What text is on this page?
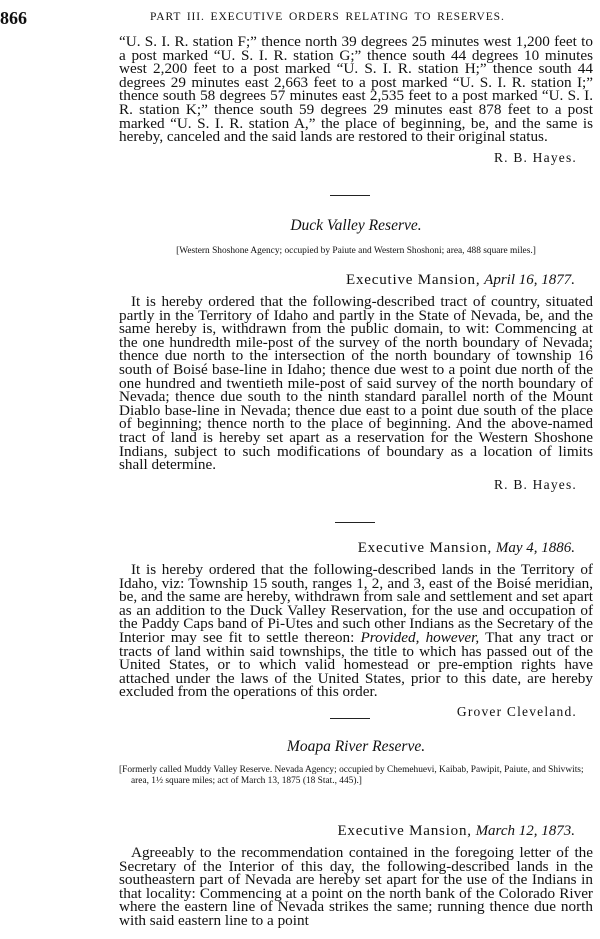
866	PART III. EXECUTIVE ORDERS RELATING TO RESERVES.

“U. S. I. R. station F;” thence north 39 degrees 25 minutes west 1,200 feet to a post marked “U. S. I. R. station G;” thence south 44 degrees 10 minutes west 2,200 feet to a post marked “U. S. I. R. station H;” thence south 44 degrees 29 minutes east 2,663 feet to a post marked “U. S. I. R. station I;” thence south 58 degrees 57 minutes east 2,535 feet to a post marked “U. S. I. R. station K;” thence south 59 degrees 29 minutes east 878 feet to a post marked “U. S. I. R. station A,” the place of beginning, be, and the same is hereby, canceled and the said lands are restored to their original status.

R. B. Hayes.

Duck Valley Reserve.

[Western Shoshone Agency; occupied by Paiute and Western Shoshoni; area, 488 square miles.]

Executive Mansion, April 16, 1877.

It is hereby ordered that the following-described tract of country, situated partly in the Territory of Idaho and partly in the State of Nevada, be, and the same hereby is, withdrawn from the public domain, to wit: Commencing at the one hundredth mile-post of the survey of the north boundary of Nevada; thence due north to the intersection of the north boundary of township 16 south of Boisé base-line in Idaho; thence due west to a point due north of the one hundred and twentieth mile-post of said survey of the north boundary of Nevada; thence due south to the ninth standard parallel north of the Mount Diablo base-line in Nevada; thence due east to a point due south of the place of beginning; thence north to the place of beginning. And the above-named tract of land is hereby set apart as a reservation for the Western Shoshone Indians, subject to such modifications of boundary as a location of limits shall determine.

R. B. Hayes.

Executive Mansion, May 4, 1886.

It is hereby ordered that the following-described lands in the Territory of Idaho, viz: Township 15 south, ranges 1, 2, and 3, east of the Boisé meridian, be, and the same are hereby, withdrawn from sale and settlement and set apart as an addition to the Duck Valley Reservation, for the use and occupation of the Paddy Caps band of Pi-Utes and such other Indians as the Secretary of the Interior may see fit to settle thereon: Provided, however, That any tract or tracts of land within said townships, the title to which has passed out of the United States, or to which valid homestead or pre-emption rights have attached under the laws of the United States, prior to this date, are hereby excluded from the operations of this order.

Grover Cleveland.

Moapa River Reserve.

[Formerly called Muddy Valley Reserve. Nevada Agency; occupied by Chemehuevi, Kaibab, Pawipit, Paiute, and Shivwits; area, 1½ square miles; act of March 13, 1875 (18 Stat., 445).]

Executive Mansion, March 12, 1873.

Agreeably to the recommendation contained in the foregoing letter of the Secretary of the Interior of this day, the following-described lands in the southeastern part of Nevada are hereby set apart for the use of the Indians in that locality: Commencing at a point on the north bank of the Colorado River where the eastern line of Nevada strikes the same; running thence due north with said eastern line to a point
